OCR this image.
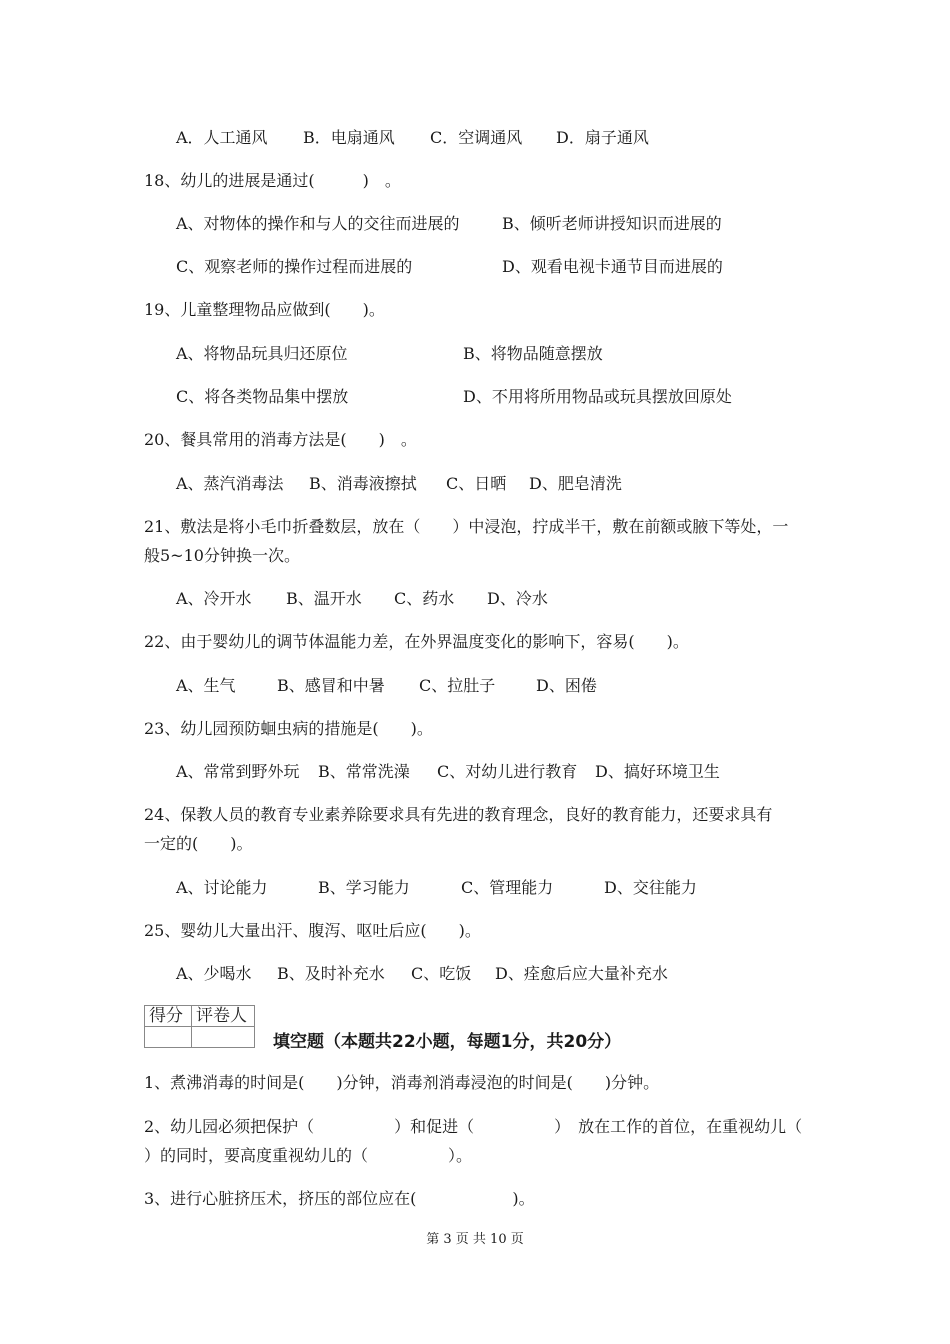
A．人工通风 B．电扇通风 C．空调通风 D．扇子通风
18、幼儿的进展是通过(　　　)　。
A、对物体的操作和与人的交往而进展的	B、倾听老师讲授知识而进展的
C、观察老师的操作过程而进展的	D、观看电视卡通节目而进展的
19、儿童整理物品应做到(　　)。
A、将物品玩具归还原位	B、将物品随意摆放
C、将各类物品集中摆放	D、不用将所用物品或玩具摆放回原处
20、餐具常用的消毒方法是(　　)　。
A、蒸汽消毒法 B、消毒液擦拭 C、日晒 D、肥皂清洗
21、敷法是将小毛巾折叠数层，放在（　　）中浸泡，拧成半干，敷在前额或腋下等处，一
般5~10分钟换一次。
A、冷开水 B、温开水 C、药水 D、冷水
22、由于婴幼儿的调节体温能力差，在外界温度变化的影响下，容易(　　)。
A、生气	B、感冒和中暑 C、拉肚子	D、困倦
23、幼儿园预防蛔虫病的措施是(　　)。
A、常常到野外玩 B、常常洗澡 C、对幼儿进行教育 D、搞好环境卫生
24、保教人员的教育专业素养除要求具有先进的教育理念，良好的教育能力，还要求具有
一定的(　　)。
A、讨论能力	B、学习能力	C、管理能力	D、交往能力
25、婴幼儿大量出汗、腹泻、呕吐后应(　　)。
A、少喝水 B、及时补充水 C、吃饭 D、痊愈后应大量补充水
得分	评卷人

填空题（本题共22小题，每题1分，共20分）
1、煮沸消毒的时间是(　　)分钟，消毒剂消毒浸泡的时间是(　　)分钟。
2、幼儿园必须把保护（　　　　　）和促进（　　　　　）　放在工作的首位，在重视幼儿（
）的同时，要高度重视幼儿的（　　　　　）。
3、进行心脏挤压术，挤压的部位应在(　　　　　　)。
第 3 页 共 10 页
